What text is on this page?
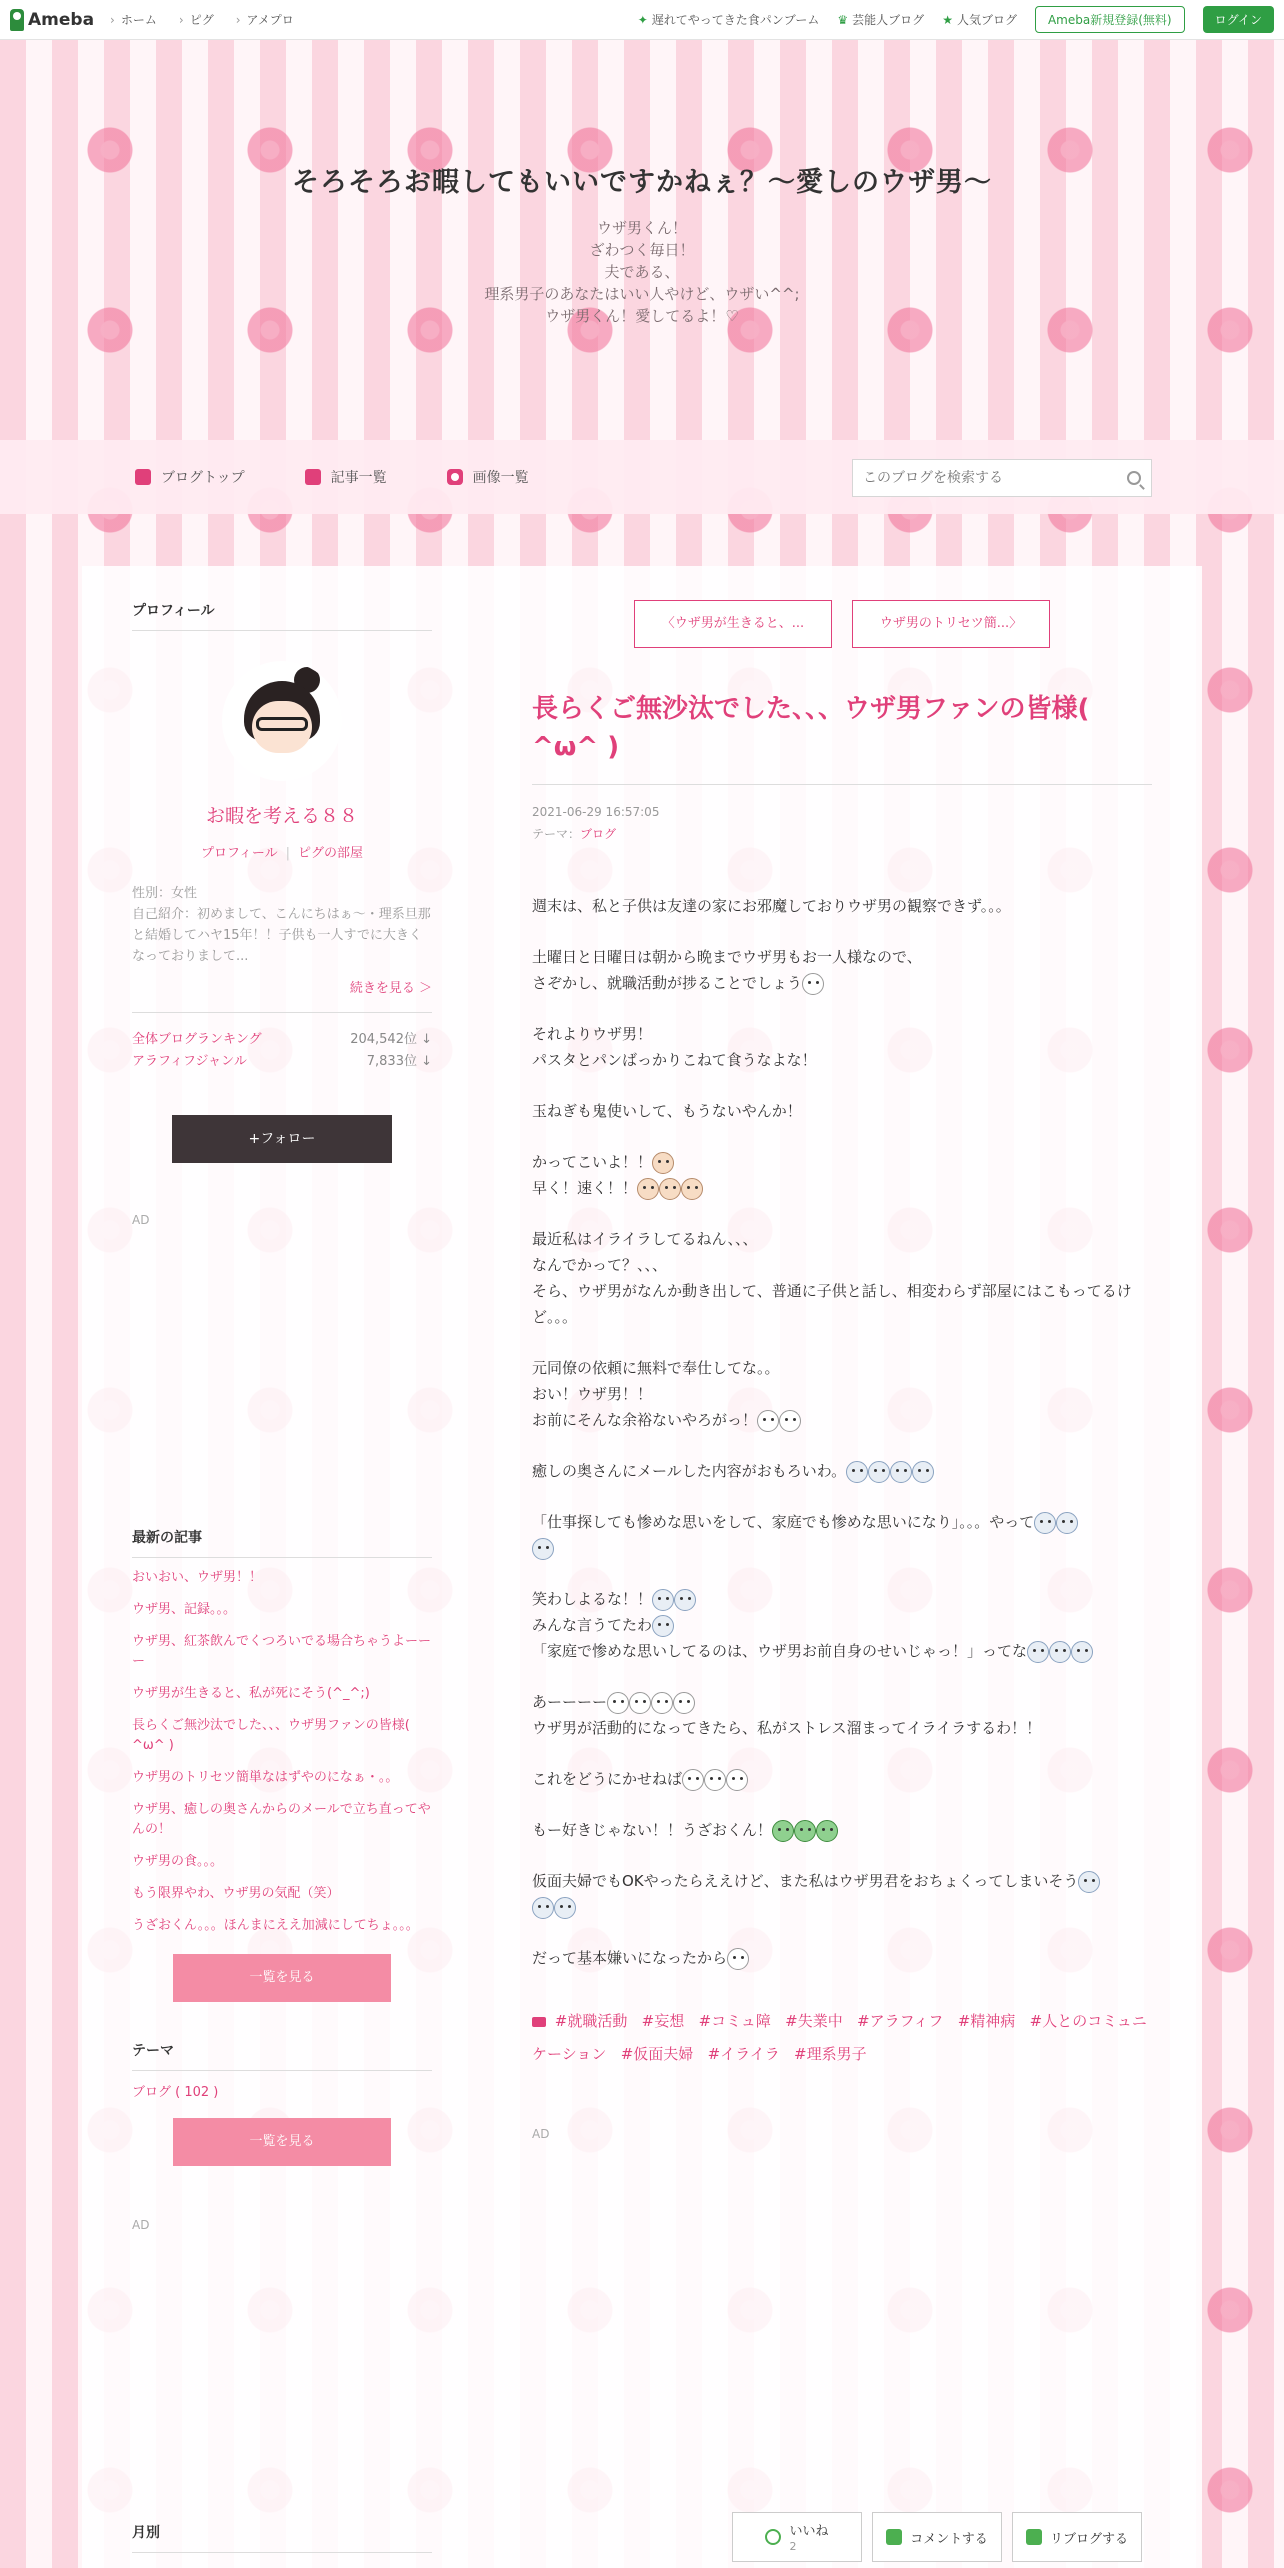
Ameba	› ホーム	› ピグ	› アメプロ	✦ 遅れてやってきた食パンブーム ♛ 芸能人ブログ ★ 人気ブログ	Ameba新規登録(無料)	ログイン
そろそろお暇してもいいですかねぇ？〜愛しのウザ男〜
ウザ男くん！
ざわつく毎日！
夫である、
理系男子のあなたはいい人やけど、ウザい^^;
ウザ男くん！愛してるよ！♡
ブログトップ	記事一覧	画像一覧
このブログを検索する
プロフィール
お暇を考える８８
プロフィール | ピグの部屋
性別：女性
自己紹介：初めまして、こんにちはぁ〜・理系旦那と結婚してハヤ15年！！子供も一人すでに大きくなっておりまして...
続きを見る ＞
全体ブログランキング	204,542位 ↓
アラフィフジャンル	7,833位 ↓
+フォロー
AD
最新の記事
おいおい、ウザ男！！
ウザ男、記録。。。
ウザ男、紅茶飲んでくつろいでる場合ちゃうよーーー
ウザ男が生きると、私が死にそう(^_^;)
長らくご無沙汰でした、、、ウザ男ファンの皆様( ^ω^ )
ウザ男のトリセツ簡単なはずやのになぁ・。。
ウザ男、癒しの奥さんからのメールで立ち直ってやんの！
ウザ男の食。。。
もう限界やわ、ウザ男の気配（笑）
うざおくん。。。ほんまにええ加減にしてちょ。。。
一覧を見る
テーマ
ブログ ( 102 )
一覧を見る
AD
月別
〈ウザ男が生きると、...	ウザ男のトリセツ簡...〉
長らくご無沙汰でした、、、ウザ男ファンの皆様( ^ω^ )
2021-06-29 16:57:05
テーマ：ブログ

週末は、私と子供は友達の家にお邪魔しておりウザ男の観察できず。。。

土曜日と日曜日は朝から晩までウザ男もお一人様なので、
さぞかし、就職活動が捗ることでしょう

それよりウザ男！
パスタとパンばっかりこねて食うなよな！

玉ねぎも鬼使いして、もうないやんか！

かってこいよ！！
早く！速く！！

最近私はイライラしてるねん、、、
なんでかって？、、、
そら、ウザ男がなんか動き出して、普通に子供と話し、相変わらず部屋にはこもってるけど。。。

元同僚の依頼に無料で奉仕してな。。
おい！ウザ男！！
お前にそんな余裕ないやろがっ！

癒しの奥さんにメールした内容がおもろいわ。

「仕事探しても惨めな思いをして、家庭でも惨めな思いになり」。。。やって

笑わしよるな！！
みんな言うてたわ
「家庭で惨めな思いしてるのは、ウザ男お前自身のせいじゃっ！」ってな

あーーーー
ウザ男が活動的になってきたら、私がストレス溜まってイライラするわ！！

これをどうにかせねば

もー好きじゃない！！うざおくん！

仮面夫婦でもOKやったらええけど、また私はウザ男君をおちょくってしまいそう

だって基本嫌いになったから

#就職活動 #妄想 #コミュ障 #失業中 #アラフィフ #精神病 #人とのコミュニケーション #仮面夫婦 #イライラ #理系男子
AD
いいね
2	コメントする	リブログする
